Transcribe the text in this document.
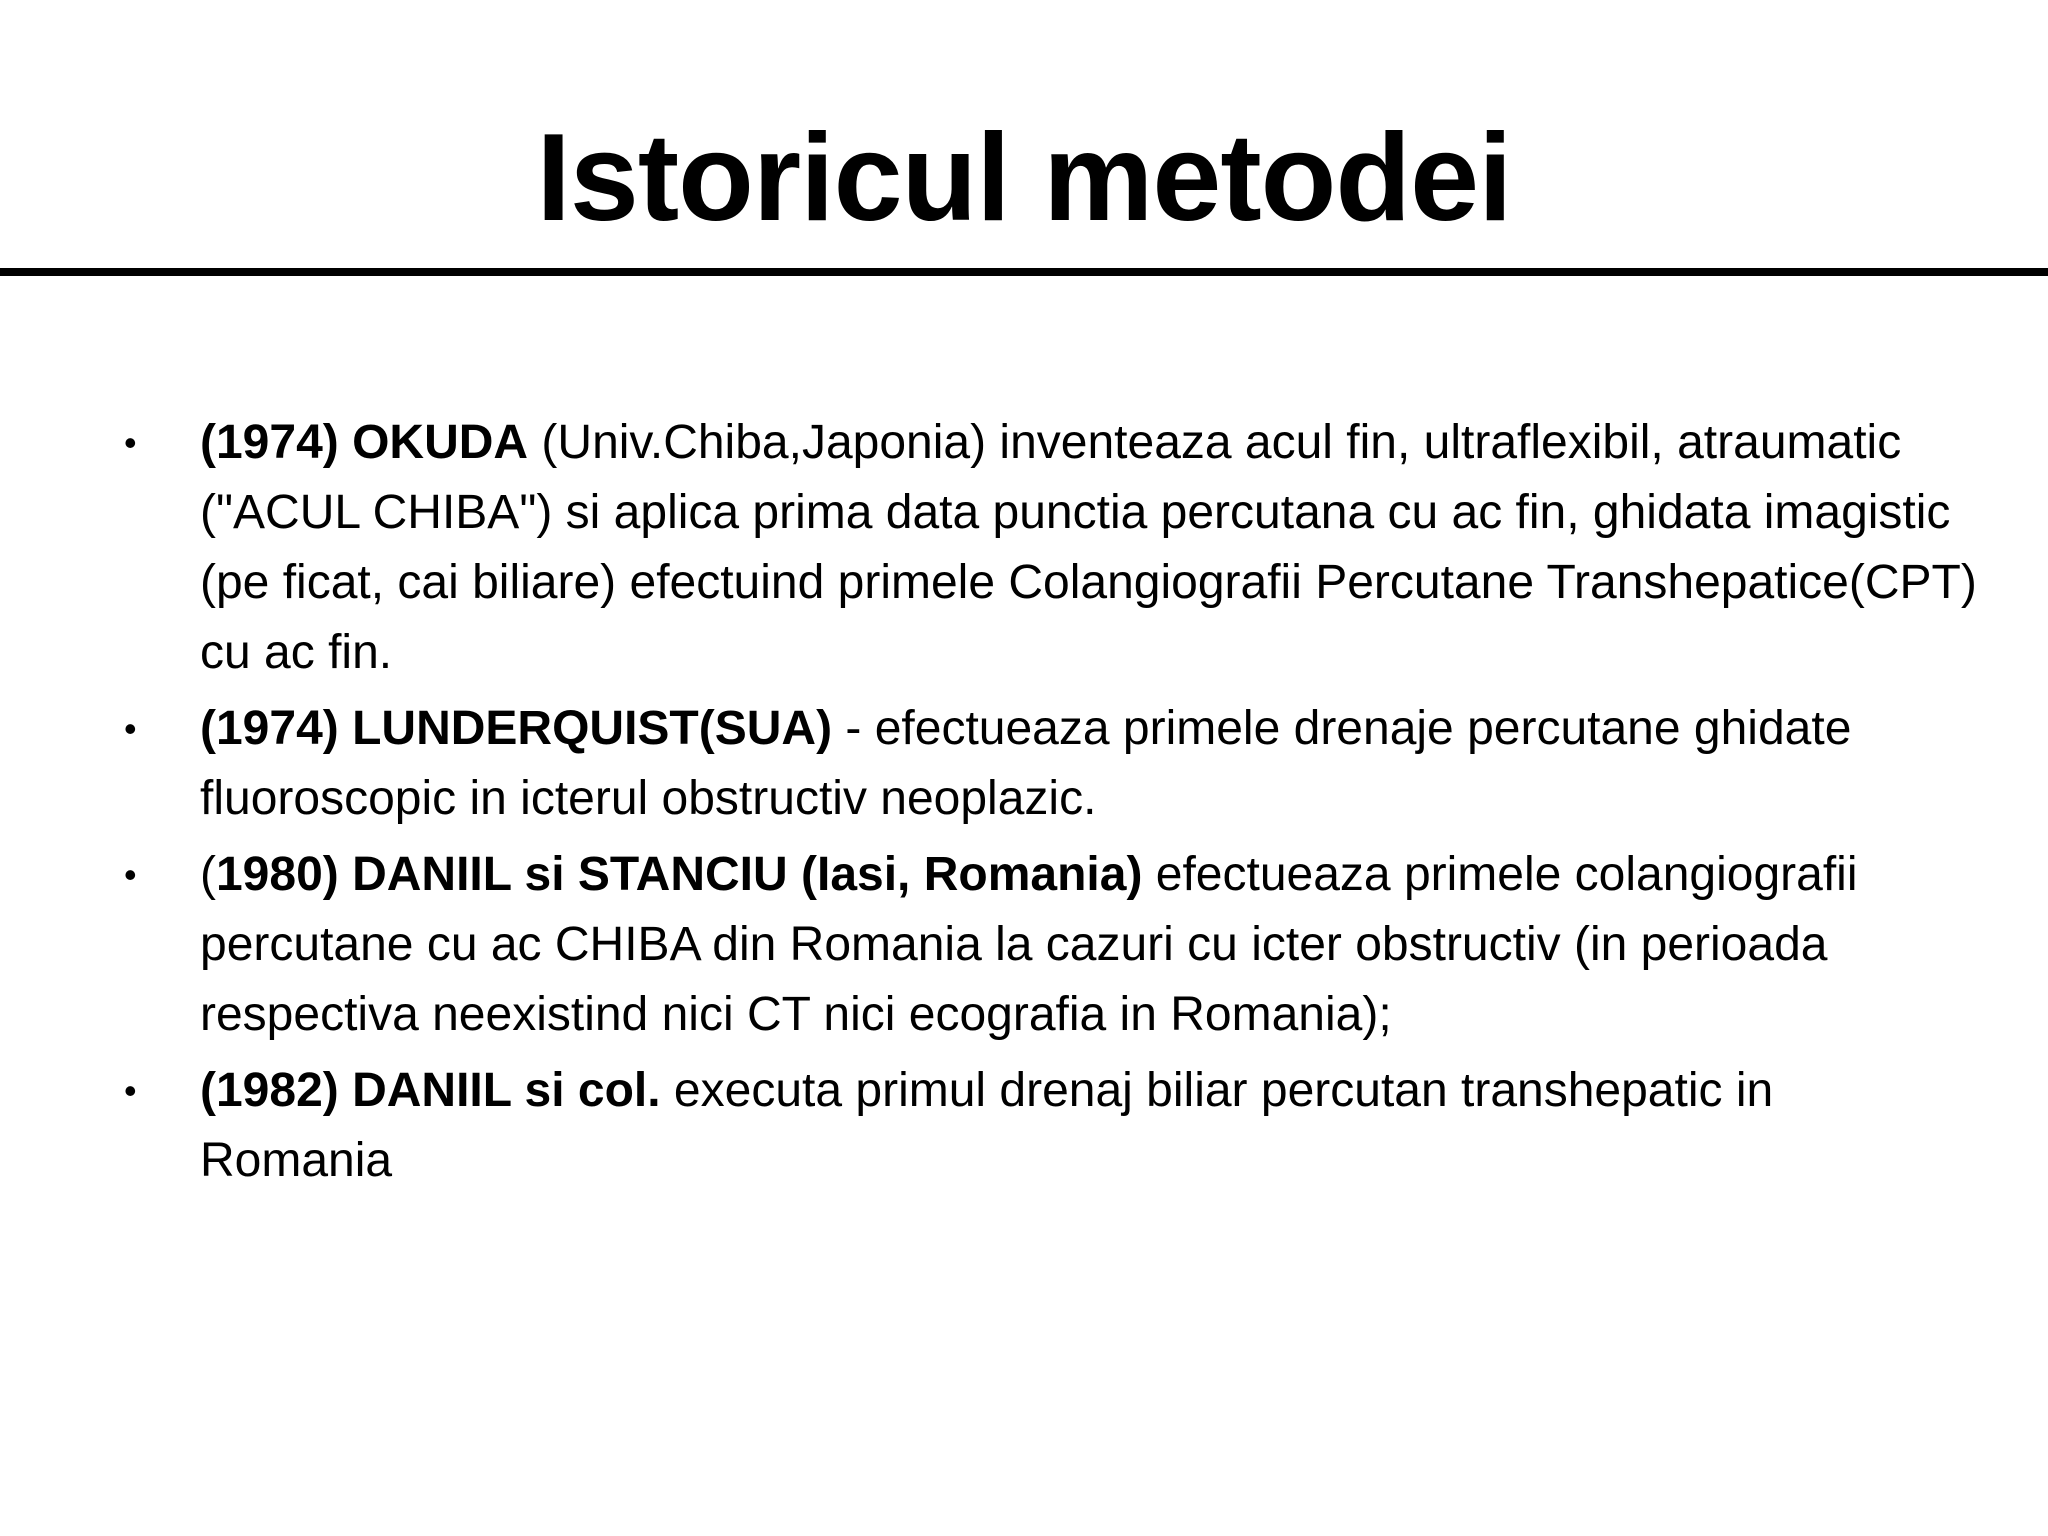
Istoricul metodei
• (1974) OKUDA (Univ.Chiba,Japonia) inventeaza acul fin, ultraflexibil, atraumatic ("ACUL CHIBA") si aplica prima data punctia percutana cu ac fin, ghidata imagistic (pe ficat, cai biliare) efectuind primele Colangiografii Percutane Transhepatice(CPT) cu ac fin.
• (1974) LUNDERQUIST(SUA) - efectueaza primele drenaje percutane ghidate fluoroscopic in icterul obstructiv neoplazic.
• (1980) DANIIL si STANCIU (Iasi, Romania) efectueaza primele colangiografii percutane cu ac CHIBA din Romania la cazuri cu icter obstructiv (in perioada respectiva neexistind nici CT nici ecografia in Romania);
• (1982) DANIIL si col. executa primul drenaj biliar percutan transhepatic in Romania
